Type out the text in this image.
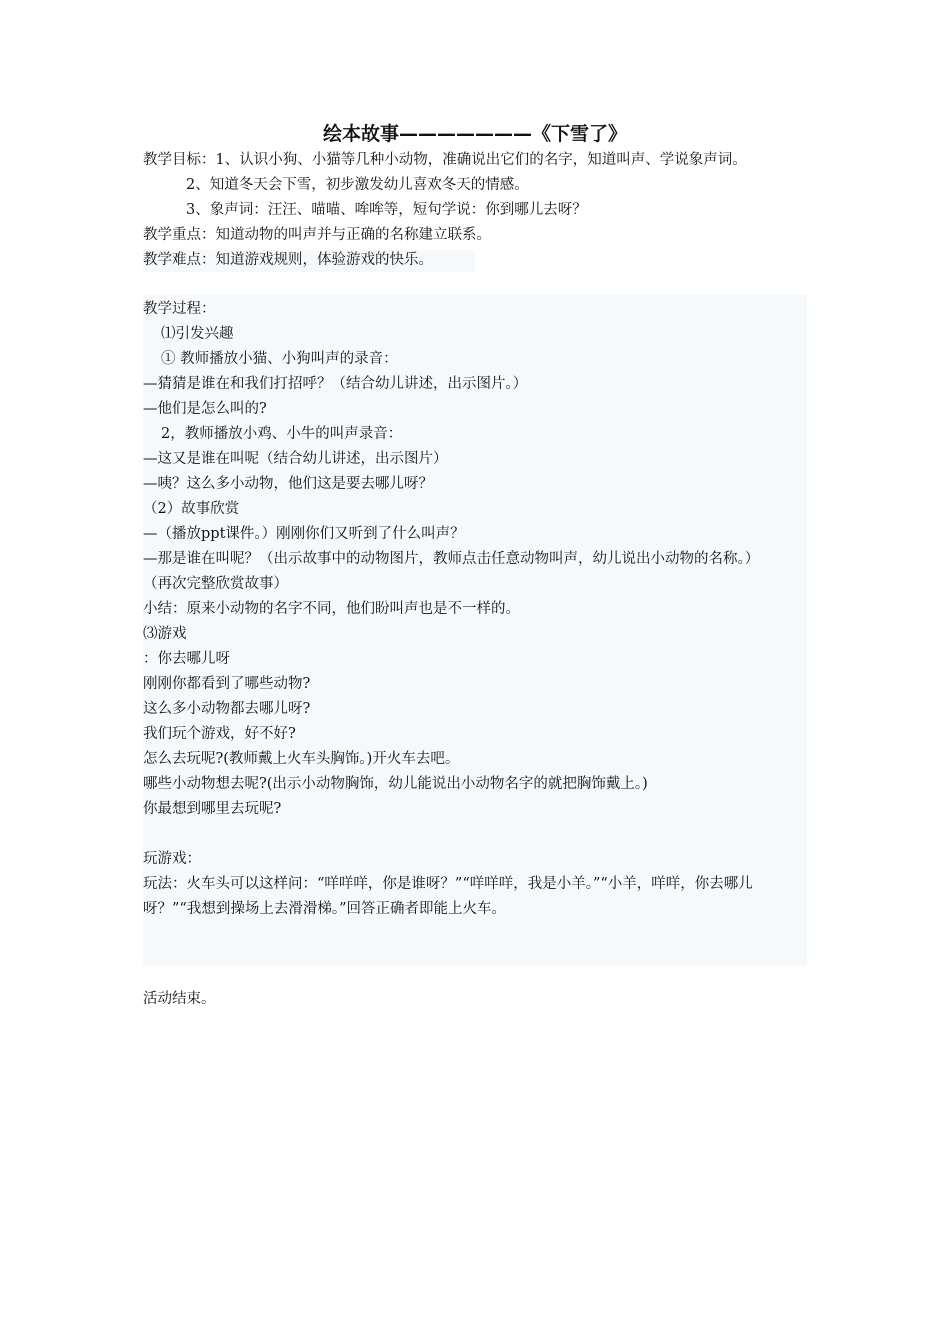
绘本故事———————《下雪了》

教学目标：1、认识小狗、小猫等几种小动物，准确说出它们的名字，知道叫声、学说象声词。

2、知道冬天会下雪，初步激发幼儿喜欢冬天的情感。

3、象声词：汪汪、喵喵、哞哞等，短句学说：你到哪儿去呀？

教学重点：知道动物的叫声并与正确的名称建立联系。

教学难点：知道游戏规则，体验游戏的快乐。

教学过程：

⑴引发兴趣

① 教师播放小猫、小狗叫声的录音：

—猜猜是谁在和我们打招呼？（结合幼儿讲述，出示图片。）

—他们是怎么叫的?

2，教师播放小鸡、小牛的叫声录音：

—这又是谁在叫呢（结合幼儿讲述，出示图片）

—咦？这么多小动物，他们这是要去哪儿呀？

（2）故事欣赏

—（播放ppt课件。）刚刚你们又听到了什么叫声？

—那是谁在叫呢？（出示故事中的动物图片，教师点击任意动物叫声，幼儿说出小动物的名称。）

（再次完整欣赏故事）

小结：原来小动物的名字不同，他们盼叫声也是不一样的。

⑶游戏

：你去哪儿呀

刚刚你都看到了哪些动物?

这么多小动物都去哪儿呀?

我们玩个游戏，好不好?

怎么去玩呢?(教师戴上火车头胸饰。)开火车去吧。

哪些小动物想去呢?(出示小动物胸饰，幼儿能说出小动物名字的就把胸饰戴上。)

你最想到哪里去玩呢?

玩游戏：

玩法：火车头可以这样问：“咩咩咩，你是谁呀？”“咩咩咩，我是小羊。”“小羊，咩咩，你去哪儿呀？”“我想到操场上去滑滑梯。”回答正确者即能上火车。

活动结束。
